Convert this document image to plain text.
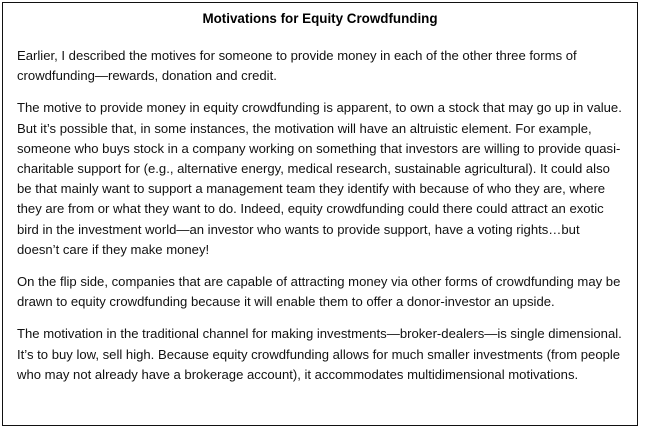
Motivations for Equity Crowdfunding

Earlier, I described the motives for someone to provide money in each of the other three forms of crowdfunding—rewards, donation and credit.

The motive to provide money in equity crowdfunding is apparent, to own a stock that may go up in value. But it’s possible that, in some instances, the motivation will have an altruistic element. For example, someone who buys stock in a company working on something that investors are willing to provide quasi-charitable support for (e.g., alternative energy, medical research, sustainable agricultural). It could also be that mainly want to support a management team they identify with because of who they are, where they are from or what they want to do. Indeed, equity crowdfunding could there could attract an exotic bird in the investment world—an investor who wants to provide support, have a voting rights…but doesn’t care if they make money!

On the flip side, companies that are capable of attracting money via other forms of crowdfunding may be drawn to equity crowdfunding because it will enable them to offer a donor-investor an upside.

The motivation in the traditional channel for making investments—broker-dealers—is single dimensional. It’s to buy low, sell high. Because equity crowdfunding allows for much smaller investments (from people who may not already have a brokerage account), it accommodates multidimensional motivations.
